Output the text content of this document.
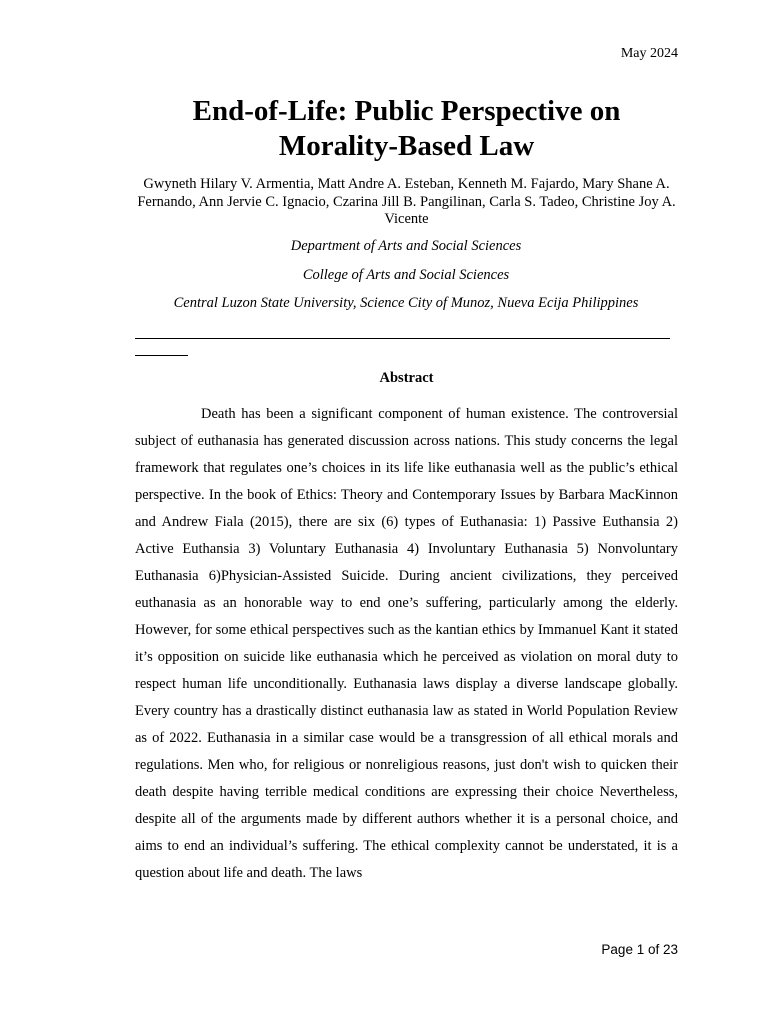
May 2024
End-of-Life: Public Perspective on Morality-Based Law
Gwyneth Hilary V. Armentia, Matt Andre A. Esteban, Kenneth M. Fajardo, Mary Shane A. Fernando, Ann Jervie C. Ignacio, Czarina Jill B. Pangilinan, Carla S. Tadeo, Christine Joy A. Vicente
Department of Arts and Social Sciences
College of Arts and Social Sciences
Central Luzon State University, Science City of Munoz, Nueva Ecija Philippines
Abstract

Death has been a significant component of human existence. The controversial subject of euthanasia has generated discussion across nations. This study concerns the legal framework that regulates one’s choices in its life like euthanasia well as the public’s ethical perspective. In the book of Ethics: Theory and Contemporary Issues by Barbara MacKinnon and Andrew Fiala (2015), there are six (6) types of Euthanasia: 1) Passive Euthansia 2) Active Euthansia 3) Voluntary Euthanasia 4) Involuntary Euthanasia 5) Nonvoluntary Euthanasia 6)Physician-Assisted Suicide. During ancient civilizations, they perceived euthanasia as an honorable way to end one’s suffering, particularly among the elderly. However, for some ethical perspectives such as the kantian ethics by Immanuel Kant it stated it’s opposition on suicide like euthanasia which he perceived as violation on moral duty to respect human life unconditionally. Euthanasia laws display a diverse landscape globally. Every country has a drastically distinct euthanasia law as stated in World Population Review as of 2022. Euthanasia in a similar case would be a transgression of all ethical morals and regulations. Men who, for religious or nonreligious reasons, just don't wish to quicken their death despite having terrible medical conditions are expressing their choice Nevertheless, despite all of the arguments made by different authors whether it is a personal choice, and aims to end an individual’s suffering. The ethical complexity cannot be understated, it is a question about life and death. The laws

Page 1 of 23
